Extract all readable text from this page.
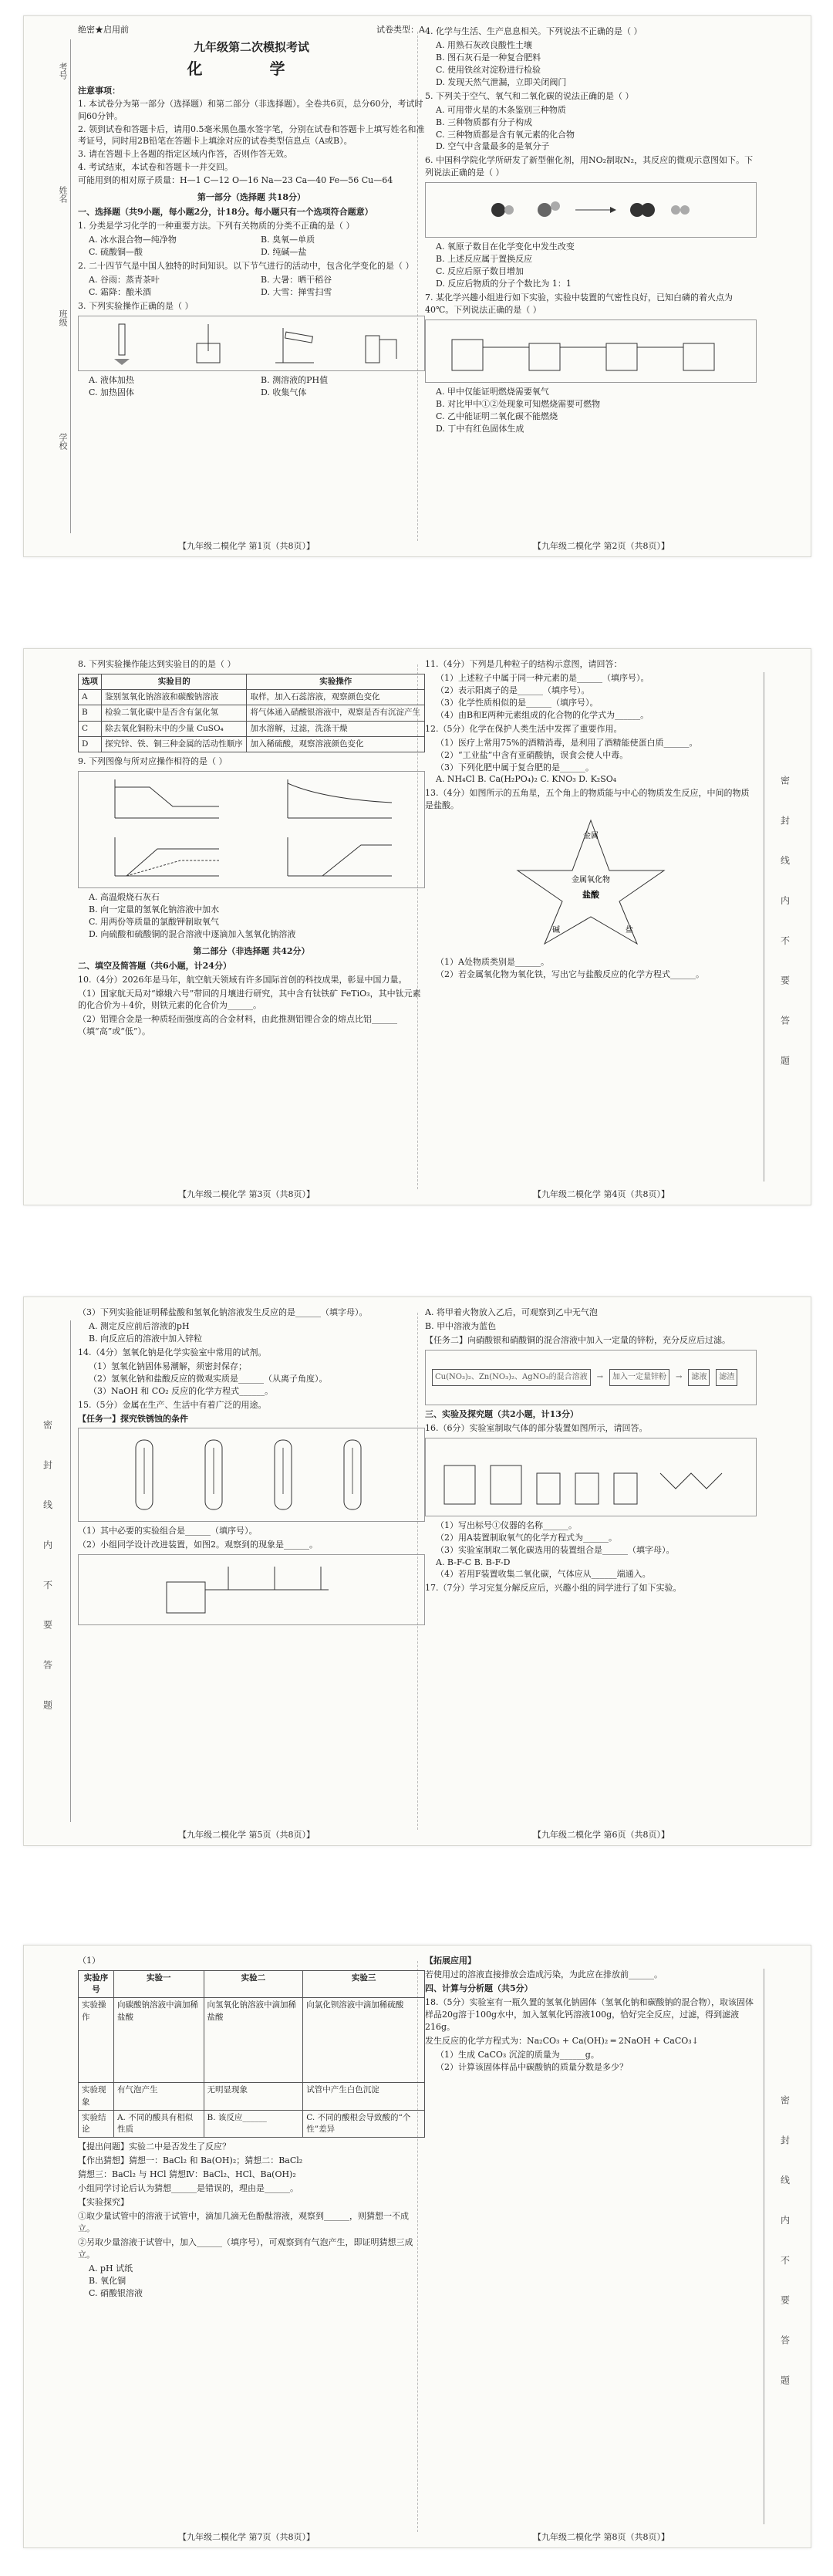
考号
姓名
班级
学校
绝密★启用前	试卷类型：A
九年级第二次模拟考试
化 学
注意事项：

1. 本试卷分为第一部分（选择题）和第二部分（非选择题）。全卷共6页，总分60分，考试时间60分钟。

2. 领到试卷和答题卡后，请用0.5毫米黑色墨水签字笔，分别在试卷和答题卡上填写姓名和准考证号，同时用2B铅笔在答题卡上填涂对应的试卷类型信息点（A或B）。

3. 请在答题卡上各题的指定区域内作答，否则作答无效。

4. 考试结束，本试卷和答题卡一并交回。

可能用到的相对原子质量：H—1 C—12 O—16 Na—23 Ca—40 Fe—56 Cu—64

第一部分（选择题 共18分）
一、选择题（共9小题，每小题2分，计18分。每小题只有一个选项符合题意）
1. 分类是学习化学的一种重要方法。下列有关物质的分类不正确的是（ ）
A. 冰水混合物—纯净物	B. 臭氧—单质
C. 硫酸铜—酸	D. 纯碱—盐
2. 二十四节气是中国人独特的时间知识。以下节气进行的活动中，包含化学变化的是（ ）
A. 谷雨：蒸青茶叶	B. 大暑：晒干稻谷
C. 霜降：酿米酒	D. 大雪：掸雪扫雪
3. 下列实验操作正确的是（ ）
A. 液体加热	B. 测溶液的PH值
C. 加热固体	D. 收集气体
4. 化学与生活、生产息息相关。下列说法不正确的是（ ）
A. 用熟石灰改良酸性土壤
B. 图石灰石是一种复合肥料
C. 使用铁丝对淀粉进行检验
D. 发现天然气泄漏，立即关闭阀门
5. 下列关于空气、氧气和二氧化碳的说法正确的是（ ）
A. 可用带火星的木条鉴别三种物质
B. 三种物质都有分子构成
C. 三种物质都是含有氧元素的化合物
D. 空气中含量最多的是氧分子
6. 中国科学院化学所研发了新型催化剂，用NO₂制取N₂，其反应的微观示意图如下。下列说法正确的是（ ）
A. 氧原子数目在化学变化中发生改变
B. 上述反应属于置换反应
C. 反应后原子数目增加
D. 反应后物质的分子个数比为 1：1
7. 某化学兴趣小组进行如下实验，实验中装置的气密性良好，已知白磷的着火点为40℃。下列说法正确的是（ ）
A. 甲中仅能证明燃烧需要氧气
B. 对比甲中①②处现象可知燃烧需要可燃物
C. 乙中能证明二氧化碳不能燃烧
D. 丁中有红色固体生成
【九年级二模化学 第1页（共8页）】	【九年级二模化学 第2页（共8页）】
密 封 线 内 不 要 答 题
8. 下列实验操作能达到实验目的的是（ ）
选项	实验目的	实验操作
A	鉴别氢氧化钠溶液和碳酸钠溶液	取样，加入石蕊溶液，观察颜色变化
B	检验二氧化碳中是否含有氯化氢	将气体通入硝酸银溶液中，观察是否有沉淀产生
C	除去氧化铜粉末中的少量 CuSO₄	加水溶解，过滤，洗涤干燥
D	探究锌、铁、铜三种金属的活动性顺序	加入稀硫酸，观察溶液颜色变化
9. 下列图像与所对应操作相符的是（ ）
A. 高温煅烧石灰石
B. 向一定量的氢氧化钠溶液中加水
C. 用两份等质量的氯酸钾制取氧气
D. 向硫酸和硫酸铜的混合溶液中逐滴加入氢氧化钠溶液
第二部分（非选择题 共42分）
二、填空及简答题（共6小题，计24分）
10.（4分）2026年是马年，航空航天领域有许多国际首创的科技成果，彰显中国力量。
（1）国家航天局对“嫦娥六号”带回的月壤进行研究，其中含有钛铁矿 FeTiO₃，其中钛元素的化合价为＋4价，则铁元素的化合价为______。
（2）铝锂合金是一种质轻而强度高的合金材料，由此推测铝锂合金的熔点比铝______（填“高”或“低”）。
11.（4分）下列是几种粒子的结构示意图，请回答：
（1）上述粒子中属于同一种元素的是______（填序号）。
（2）表示阳离子的是______（填序号）。
（3）化学性质相似的是______（填序号）。
（4）由B和E两种元素组成的化合物的化学式为______。
12.（5分）化学在保护人类生活中发挥了重要作用。
（1）医疗上常用75%的酒精消毒，是利用了酒精能使蛋白质______。
（2）“工业盐”中含有亚硝酸钠，误食会使人中毒。
（3）下列化肥中属于复合肥的是______。
A. NH₄Cl B. Ca(H₂PO₄)₂ C. KNO₃ D. K₂SO₄
13.（4分）如图所示的五角星，五个角上的物质能与中心的物质发生反应，中间的物质是盐酸。
金属
金属氧化物
盐酸
碱	盐
（1）A处物质类别是______。
（2）若金属氧化物为氧化铁，写出它与盐酸反应的化学方程式______。
【九年级二模化学 第3页（共8页）】	【九年级二模化学 第4页（共8页）】
密 封 线 内 不 要 答 题
（3）下列实验能证明稀盐酸和氢氧化钠溶液发生反应的是______（填字母）。
A. 测定反应前后溶液的pH
B. 向反应后的溶液中加入锌粒
14.（4分）氢氧化钠是化学实验室中常用的试剂。
（1）氢氧化钠固体易潮解，须密封保存；
（2）氢氧化钠和盐酸反应的微观实质是______（从离子角度）。
（3）NaOH 和 CO₂ 反应的化学方程式______。
15.（5分）金属在生产、生活中有着广泛的用途。
【任务一】探究铁锈蚀的条件
（1）其中必要的实验组合是______（填序号）。
（2）小组同学设计改进装置，如图2。观察到的现象是______。
A. 将甲着火物放入乙后，可观察到乙中无气泡
B. 甲中溶液为蓝色
【任务二】向硝酸银和硝酸铜的混合溶液中加入一定量的锌粉，充分反应后过滤。
Cu(NO₃)₂、Zn(NO₃)₂、AgNO₃的混合溶液	→	加入一定量锌粉	→	滤液	滤渣
三、实验及探究题（共2小题，计13分）
16.（6分）实验室制取气体的部分装置如图所示，请回答。
（1）写出标号①仪器的名称______。
（2）用A装置制取氧气的化学方程式为______。
（3）实验室制取二氧化碳选用的装置组合是______（填字母）。
A. B-F-C B. B-F-D
（4）若用F装置收集二氧化碳，气体应从______端通入。
17.（7分）学习完复分解反应后，兴趣小组的同学进行了如下实验。
【九年级二模化学 第5页（共8页）】	【九年级二模化学 第6页（共8页）】
密 封 线 内 不 要 答 题
（1）
实验序号	实验一	实验二	实验三
实验操作	向碳酸钠溶液中滴加稀盐酸	向氢氧化钠溶液中滴加稀盐酸	向氯化钡溶液中滴加稀硫酸
实验现象	有气泡产生	无明显现象	试管中产生白色沉淀
实验结论	A. 不同的酸具有相似性质	B. 该反应______	C. 不同的酸根会导致酸的“个性”差异
【提出问题】实验二中是否发生了反应？
【作出猜想】猜想一：BaCl₂ 和 Ba(OH)₂；猜想二：BaCl₂
猜想三：BaCl₂ 与 HCl 猜想Ⅳ：BaCl₂、HCl、Ba(OH)₂
小组同学讨论后认为猜想______是错误的，理由是______。
【实验探究】
①取少量试管中的溶液于试管中，滴加几滴无色酚酞溶液，观察到______，则猜想一不成立。
②另取少量溶液于试管中，加入______（填序号），可观察到有气泡产生，即证明猜想三成立。
A. pH 试纸
B. 氧化铜
C. 硝酸银溶液
【拓展应用】
若使用过的溶液直接排放会造成污染，为此应在排放前______。
四、计算与分析题（共5分）
18.（5分）实验室有一瓶久置的氢氧化钠固体（氢氧化钠和碳酸钠的混合物），取该固体样品20g溶于100g水中，加入氢氧化钙溶液100g，恰好完全反应，过滤，得到滤液 216g。
发生反应的化学方程式为：Na₂CO₃ + Ca(OH)₂ ═ 2NaOH + CaCO₃↓
（1）生成 CaCO₃ 沉淀的质量为______g。
（2）计算该固体样品中碳酸钠的质量分数是多少？
【九年级二模化学 第7页（共8页）】	【九年级二模化学 第8页（共8页）】
